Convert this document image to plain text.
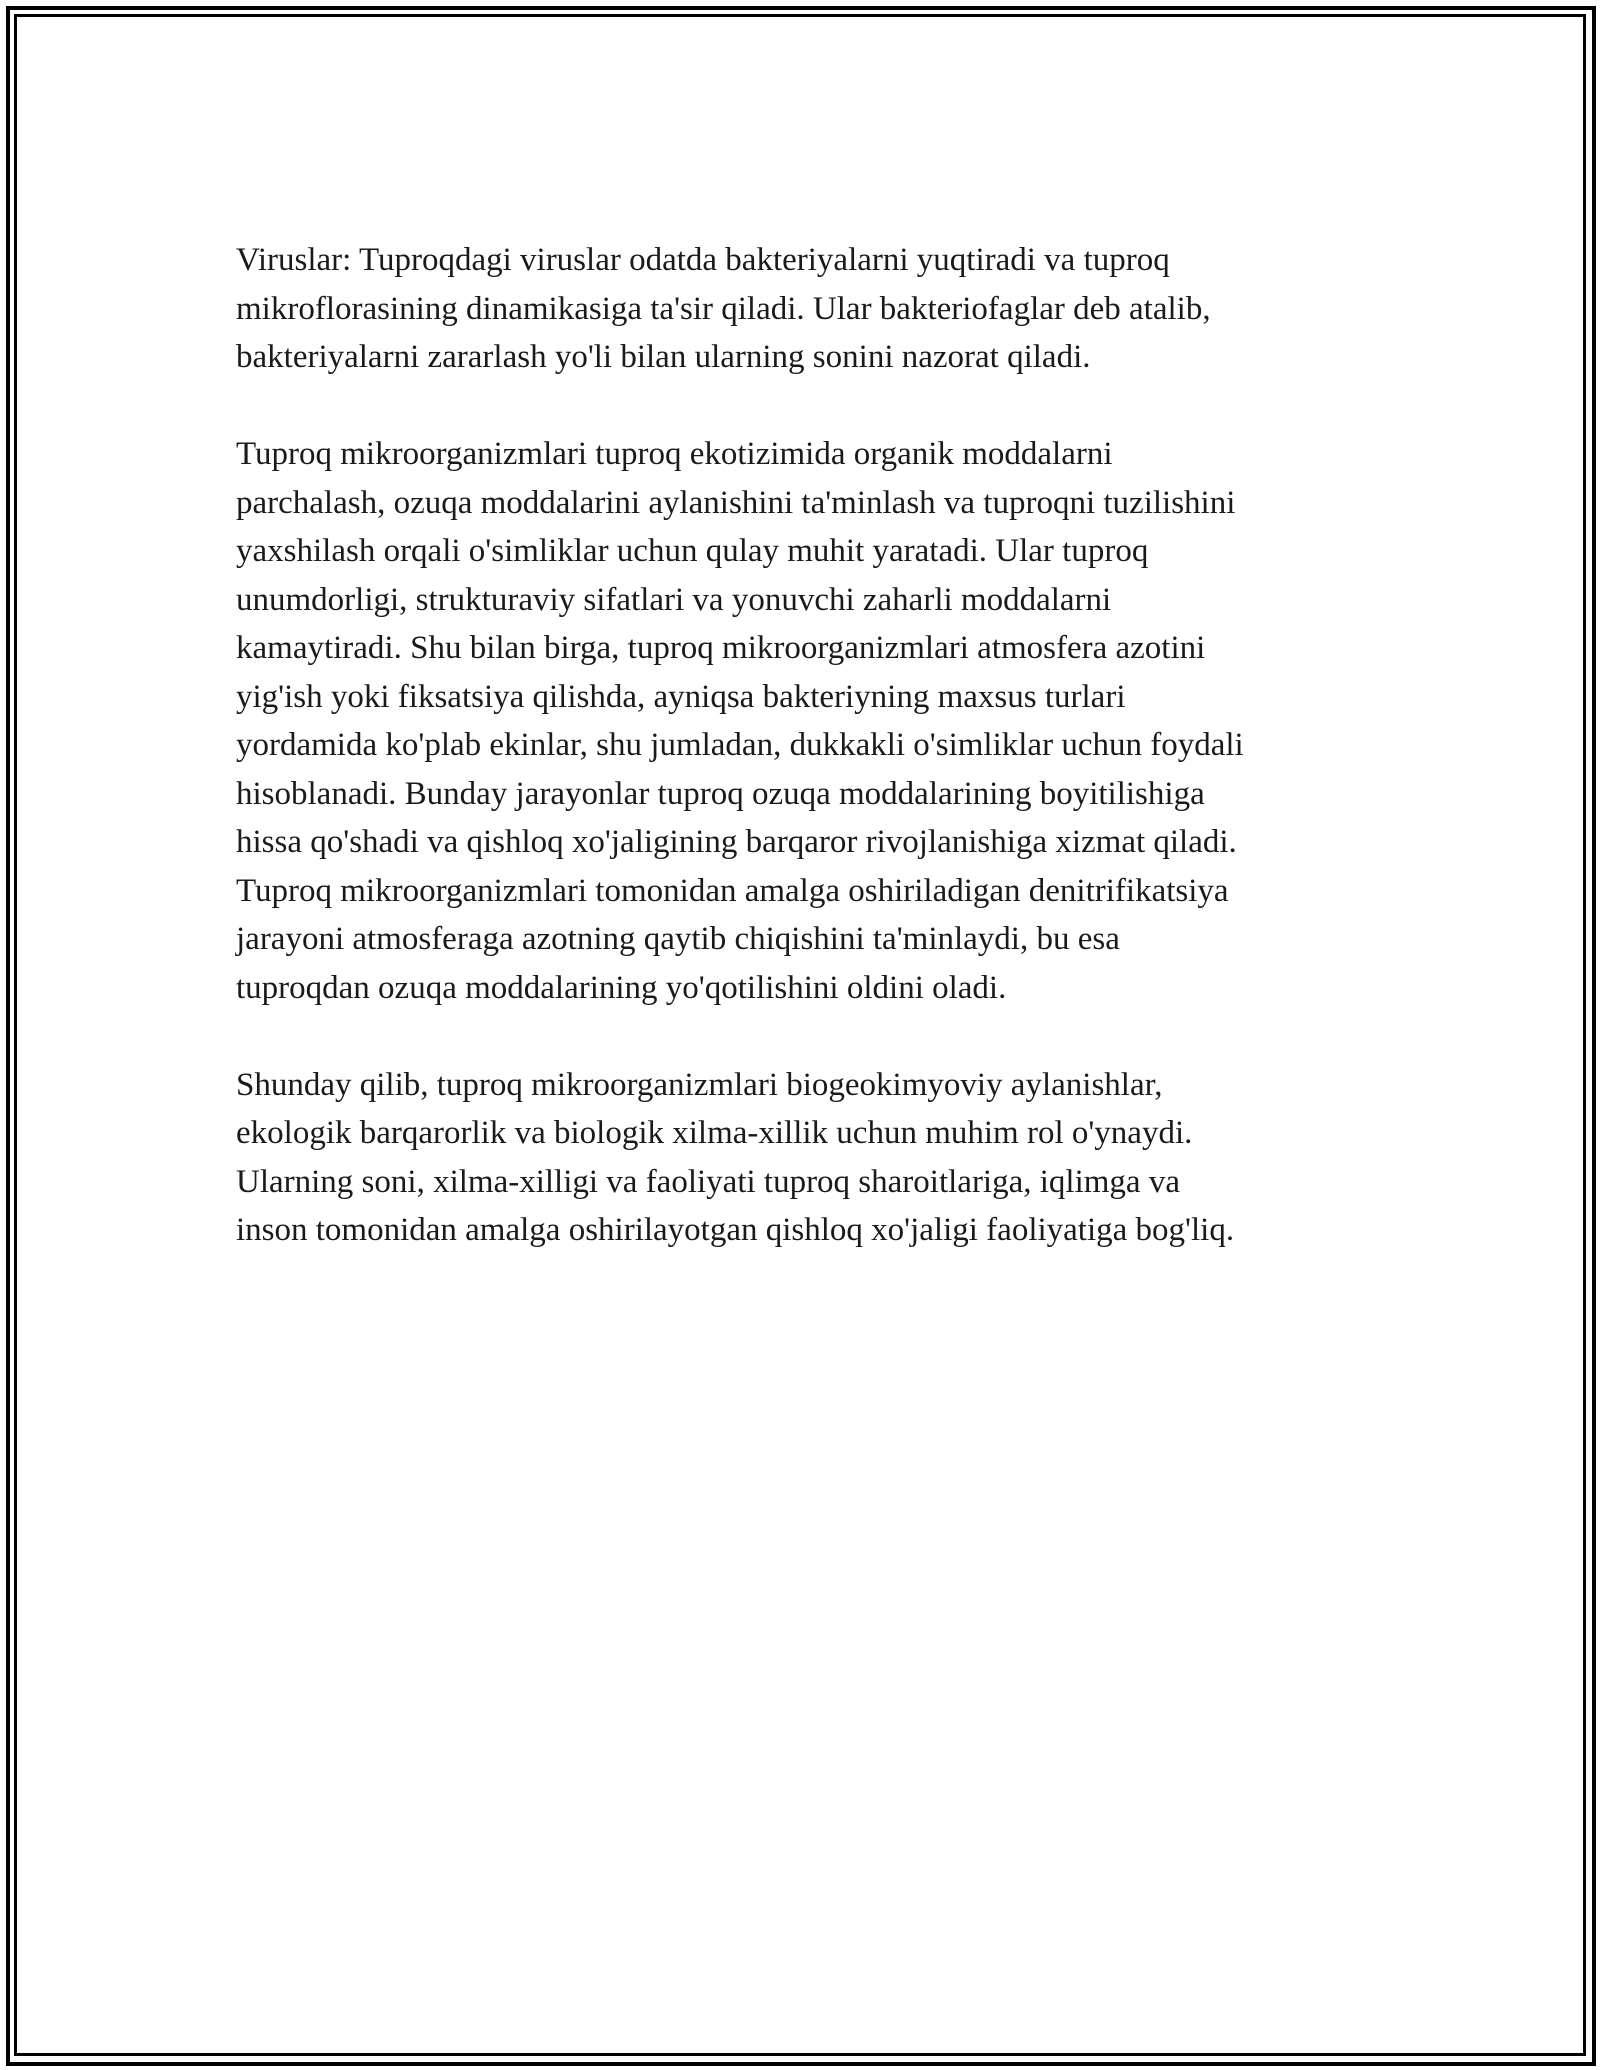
Viruslar: Tuproqdagi viruslar odatda bakteriyalarni yuqtiradi va tuproq
mikroflorasining dinamikasiga ta'sir qiladi. Ular bakteriofaglar deb atalib,
bakteriyalarni zararlash yo'li bilan ularning sonini nazorat qiladi.
Tuproq mikroorganizmlari tuproq ekotizimida organik moddalarni
parchalash, ozuqa moddalarini aylanishini ta'minlash va tuproqni tuzilishini
yaxshilash orqali o'simliklar uchun qulay muhit yaratadi. Ular tuproq
unumdorligi, strukturaviy sifatlari va yonuvchi zaharli moddalarni
kamaytiradi. Shu bilan birga, tuproq mikroorganizmlari atmosfera azotini
yig'ish yoki fiksatsiya qilishda, ayniqsa bakteriyning maxsus turlari
yordamida ko'plab ekinlar, shu jumladan, dukkakli o'simliklar uchun foydali
hisoblanadi. Bunday jarayonlar tuproq ozuqa moddalarining boyitilishiga
hissa qo'shadi va qishloq xo'jaligining barqaror rivojlanishiga xizmat qiladi.
Tuproq mikroorganizmlari tomonidan amalga oshiriladigan denitrifikatsiya
jarayoni atmosferaga azotning qaytib chiqishini ta'minlaydi, bu esa
tuproqdan ozuqa moddalarining yo'qotilishini oldini oladi.
Shunday qilib, tuproq mikroorganizmlari biogeokimyoviy aylanishlar,
ekologik barqarorlik va biologik xilma-xillik uchun muhim rol o'ynaydi.
Ularning soni, xilma-xilligi va faoliyati tuproq sharoitlariga, iqlimga va
inson tomonidan amalga oshirilayotgan qishloq xo'jaligi faoliyatiga bog'liq.
